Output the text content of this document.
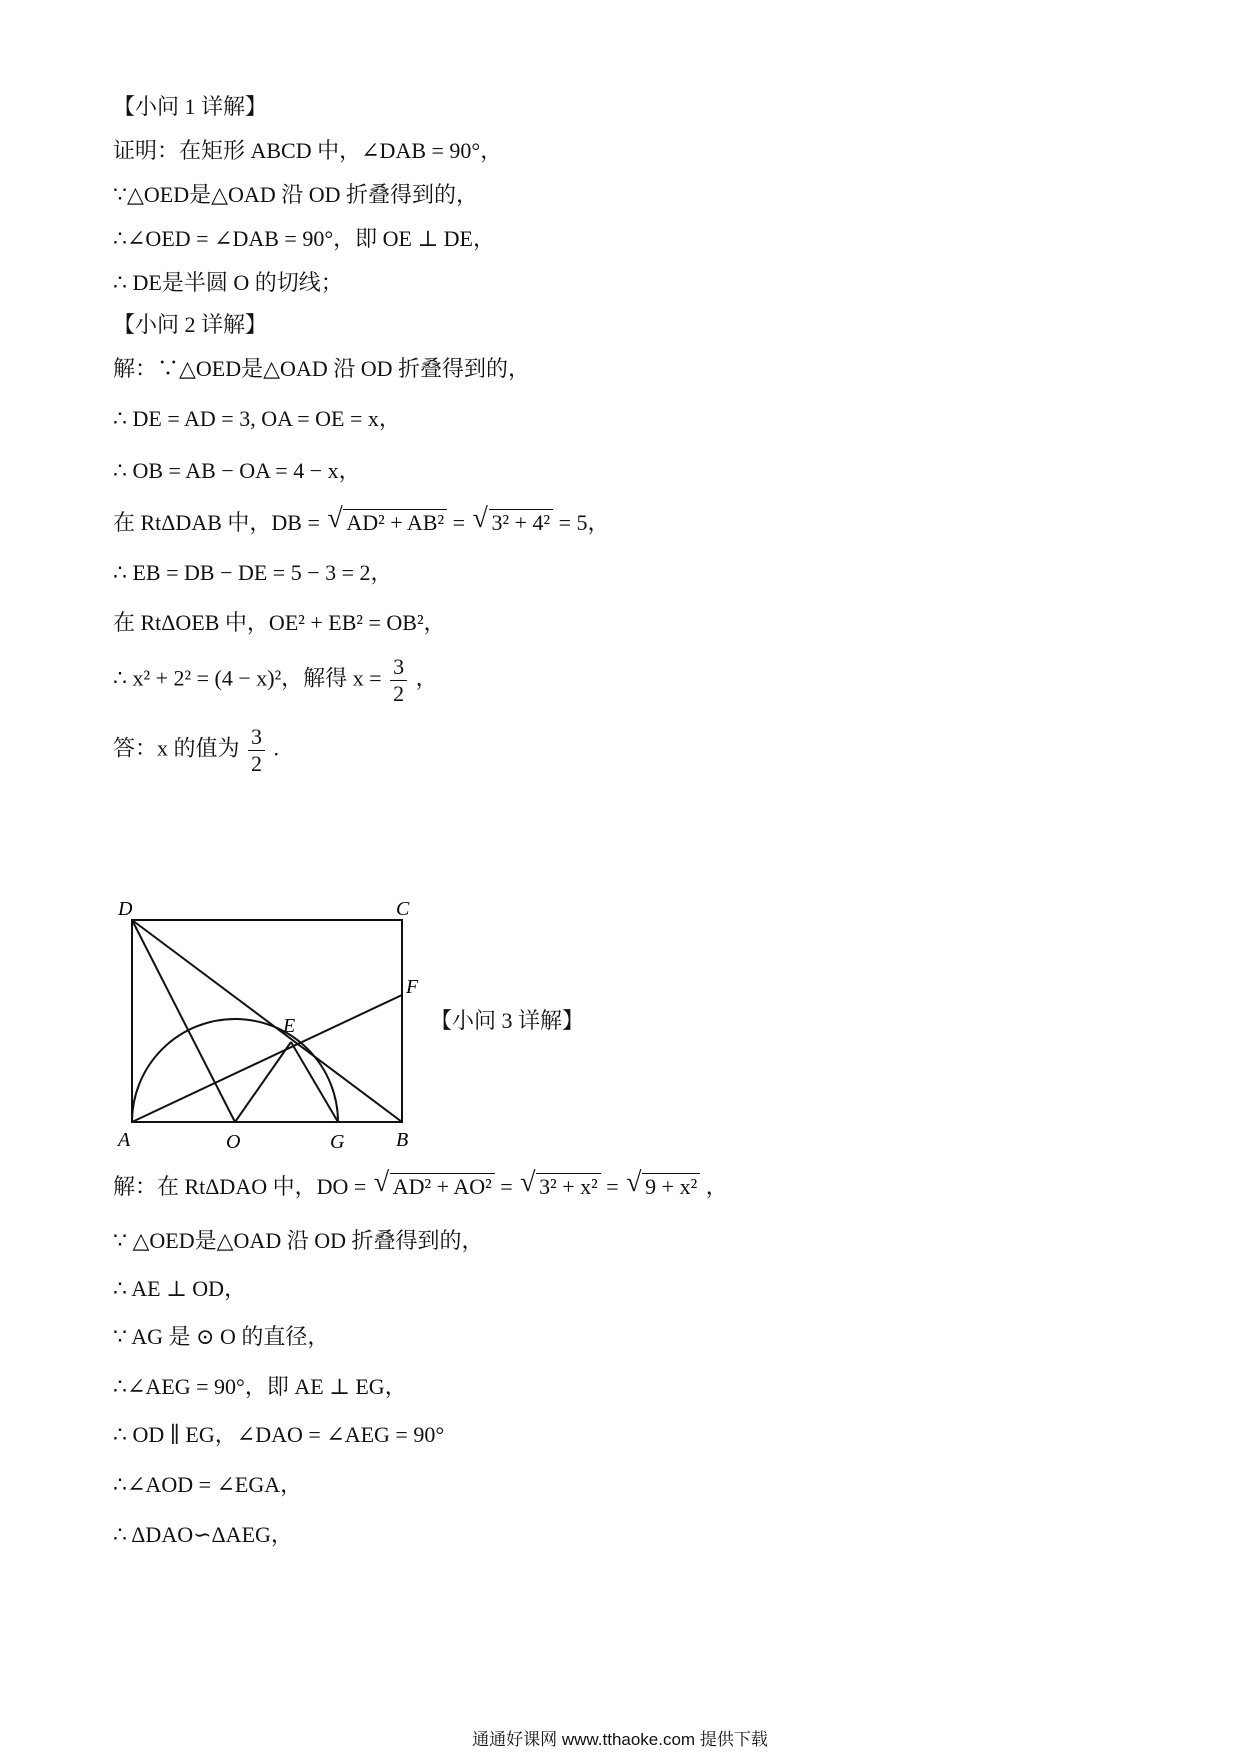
【小问 1 详解】
证明：在矩形 ABCD 中，∠DAB = 90°，
∵△OED是△OAD 沿 OD 折叠得到的，
∴∠OED = ∠DAB = 90°，即 OE ⊥ DE，
∴ DE是半圆 O 的切线；
【小问 2 详解】
解：∵△OED是△OAD 沿 OD 折叠得到的，
∴ DE = AD = 3, OA = OE = x，
∴ OB = AB − OA = 4 − x，
在 RtΔDAB 中，DB = √ AD² + AB² = √ 3² + 4² = 5，
∴ EB = DB − DE = 5 − 3 = 2，
在 RtΔOEB 中，OE² + EB² = OB²，
∴ x² + 2² = (4 − x)²，解得 $x = \frac{3}{2}$ ，
答：x 的值为 $\frac{3}{2}$ .
D	C
F
E
A	O	G	B
【小问 3 详解】
解：在 RtΔDAO 中，DO = √ AD² + AO² = √ 3² + x² = √ 9 + x² ，
∵ △OED是△OAD 沿 OD 折叠得到的，
∴ AE ⊥ OD，
∵ AG 是 ⊙ O 的直径，
∴∠AEG = 90°，即 AE ⊥ EG，
∴ OD ∥ EG，∠DAO = ∠AEG = 90°
∴∠AOD = ∠EGA，
∴ ΔDAO∽ΔAEG，
通通好课网 www.tthaoke.com 提供下载
